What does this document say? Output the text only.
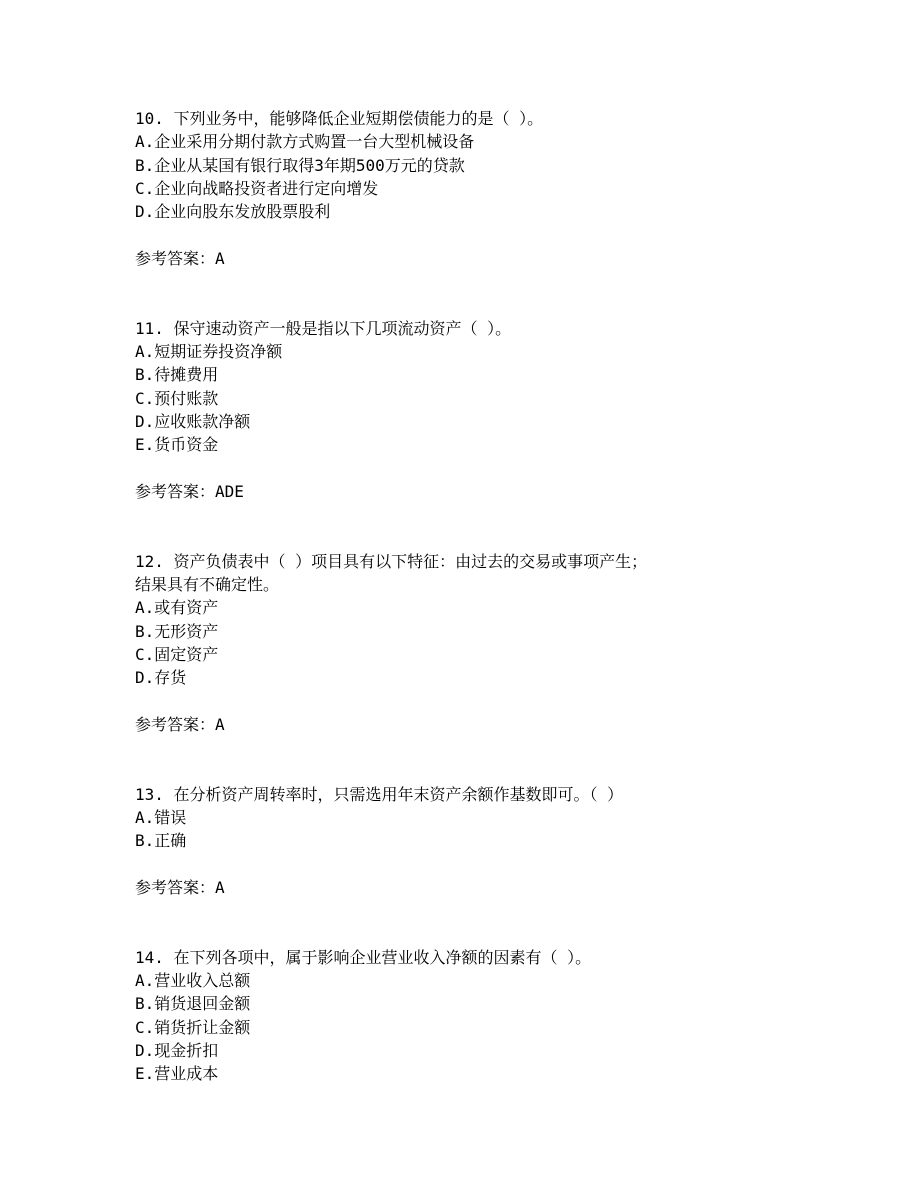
10. 下列业务中，能够降低企业短期偿债能力的是（ ）。
A.企业采用分期付款方式购置一台大型机械设备
B.企业从某国有银行取得3年期500万元的贷款
C.企业向战略投资者进行定向增发
D.企业向股东发放股票股利
参考答案：A
11. 保守速动资产一般是指以下几项流动资产（ ）。
A.短期证券投资净额
B.待摊费用
C.预付账款
D.应收账款净额
E.货币资金
参考答案：ADE
12. 资产负债表中（ ）项目具有以下特征：由过去的交易或事项产生；
结果具有不确定性。
A.或有资产
B.无形资产
C.固定资产
D.存货
参考答案：A
13. 在分析资产周转率时，只需选用年末资产余额作基数即可。（ ）
A.错误
B.正确
参考答案：A
14. 在下列各项中，属于影响企业营业收入净额的因素有（ ）。
A.营业收入总额
B.销货退回金额
C.销货折让金额
D.现金折扣
E.营业成本
